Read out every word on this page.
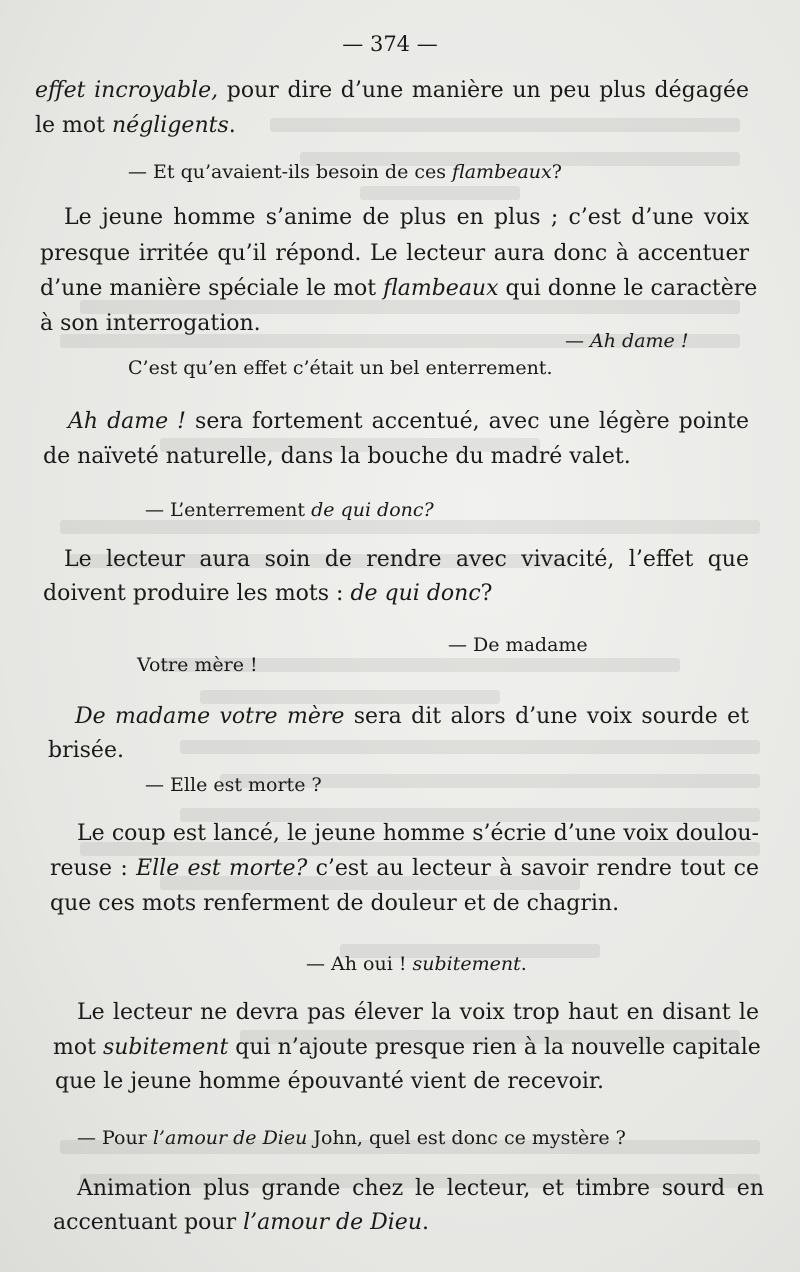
— 374 —
effet incroyable, pour dire d’une manière un peu plus dégagée
le mot négligents.
— Et qu’avaient-ils besoin de ces flambeaux?
Le jeune homme s’anime de plus en plus ; c’est d’une voix
presque irritée qu’il répond. Le lecteur aura donc à accentuer
d’une manière spéciale le mot flambeaux qui donne le caractère
à son interrogation.
— Ah dame !
C’est qu’en effet c’était un bel enterrement.
Ah dame ! sera fortement accentué, avec une légère pointe
de naïveté naturelle, dans la bouche du madré valet.
— L’enterrement de qui donc?
Le lecteur aura soin de rendre avec vivacité, l’effet que
doivent produire les mots : de qui donc?
— De madame
Votre mère !
De madame votre mère sera dit alors d’une voix sourde et
brisée.
— Elle est morte ?
Le coup est lancé, le jeune homme s’écrie d’une voix doulou-
reuse : Elle est morte? c’est au lecteur à savoir rendre tout ce
que ces mots renferment de douleur et de chagrin.
— Ah oui ! subitement.
Le lecteur ne devra pas élever la voix trop haut en disant le
mot subitement qui n’ajoute presque rien à la nouvelle capitale
que le jeune homme épouvanté vient de recevoir.
— Pour l’amour de Dieu John, quel est donc ce mystère ?
Animation plus grande chez le lecteur, et timbre sourd en
accentuant pour l’amour de Dieu.
